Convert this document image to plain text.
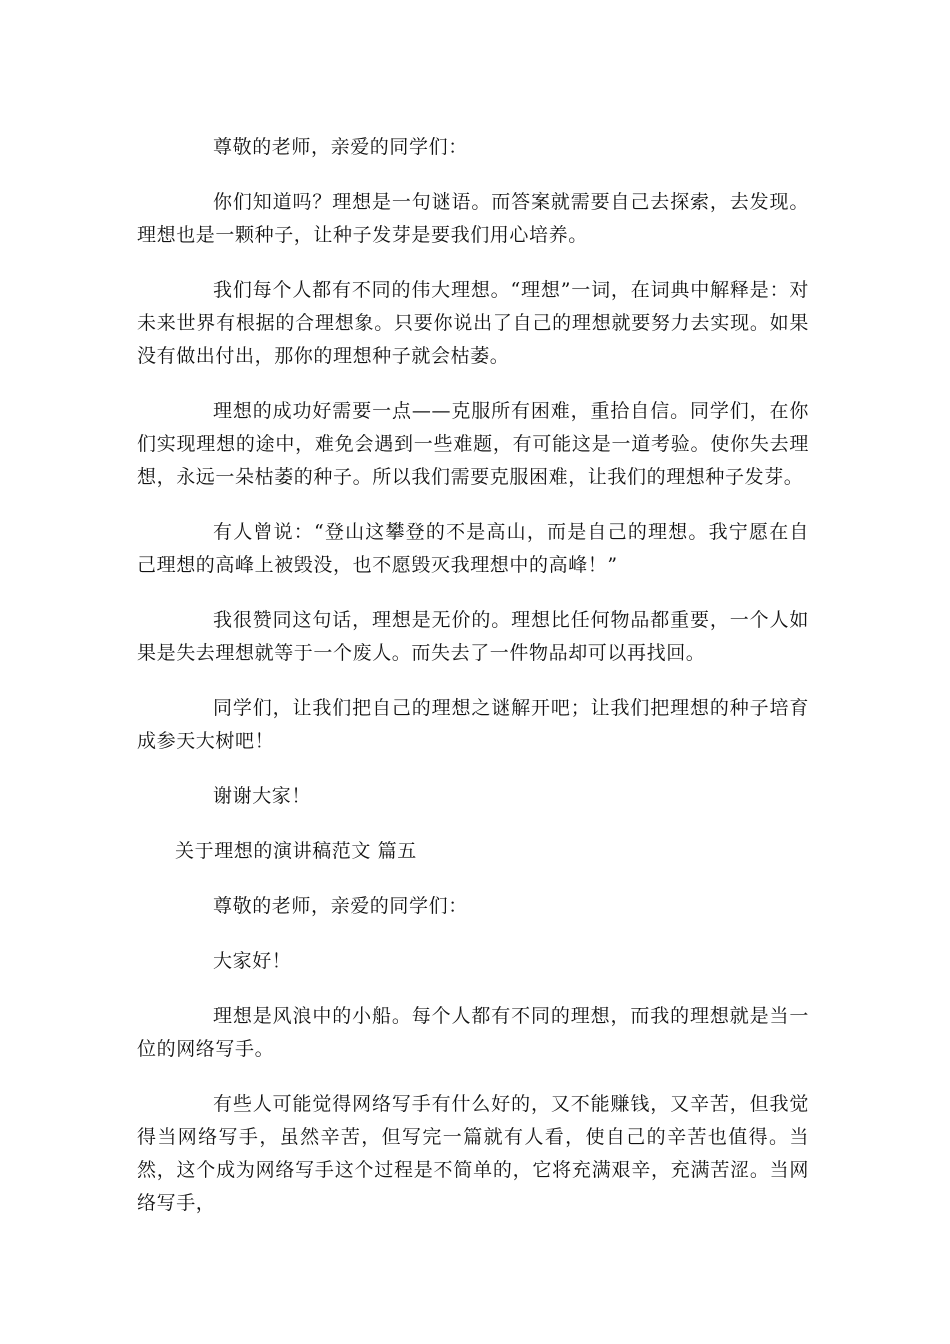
尊敬的老师，亲爱的同学们：

你们知道吗？理想是一句谜语。而答案就需要自己去探索，去发现。理想也是一颗种子，让种子发芽是要我们用心培养。

我们每个人都有不同的伟大理想。“理想”一词，在词典中解释是：对未来世界有根据的合理想象。只要你说出了自己的理想就要努力去实现。如果没有做出付出，那你的理想种子就会枯萎。

理想的成功好需要一点——克服所有困难，重拾自信。同学们，在你们实现理想的途中，难免会遇到一些难题，有可能这是一道考验。使你失去理想，永远一朵枯萎的种子。所以我们需要克服困难，让我们的理想种子发芽。

有人曾说：“登山这攀登的不是高山，而是自己的理想。我宁愿在自己理想的高峰上被毁没，也不愿毁灭我理想中的高峰！”

我很赞同这句话，理想是无价的。理想比任何物品都重要，一个人如果是失去理想就等于一个废人。而失去了一件物品却可以再找回。

同学们，让我们把自己的理想之谜解开吧；让我们把理想的种子培育成参天大树吧！

谢谢大家！

关于理想的演讲稿范文 篇五

尊敬的老师，亲爱的同学们：

大家好！

理想是风浪中的小船。每个人都有不同的理想，而我的理想就是当一位的网络写手。

有些人可能觉得网络写手有什么好的，又不能赚钱，又辛苦，但我觉得当网络写手，虽然辛苦，但写完一篇就有人看，使自己的辛苦也值得。当然，这个成为网络写手这个过程是不简单的，它将充满艰辛，充满苦涩。当网络写手，
